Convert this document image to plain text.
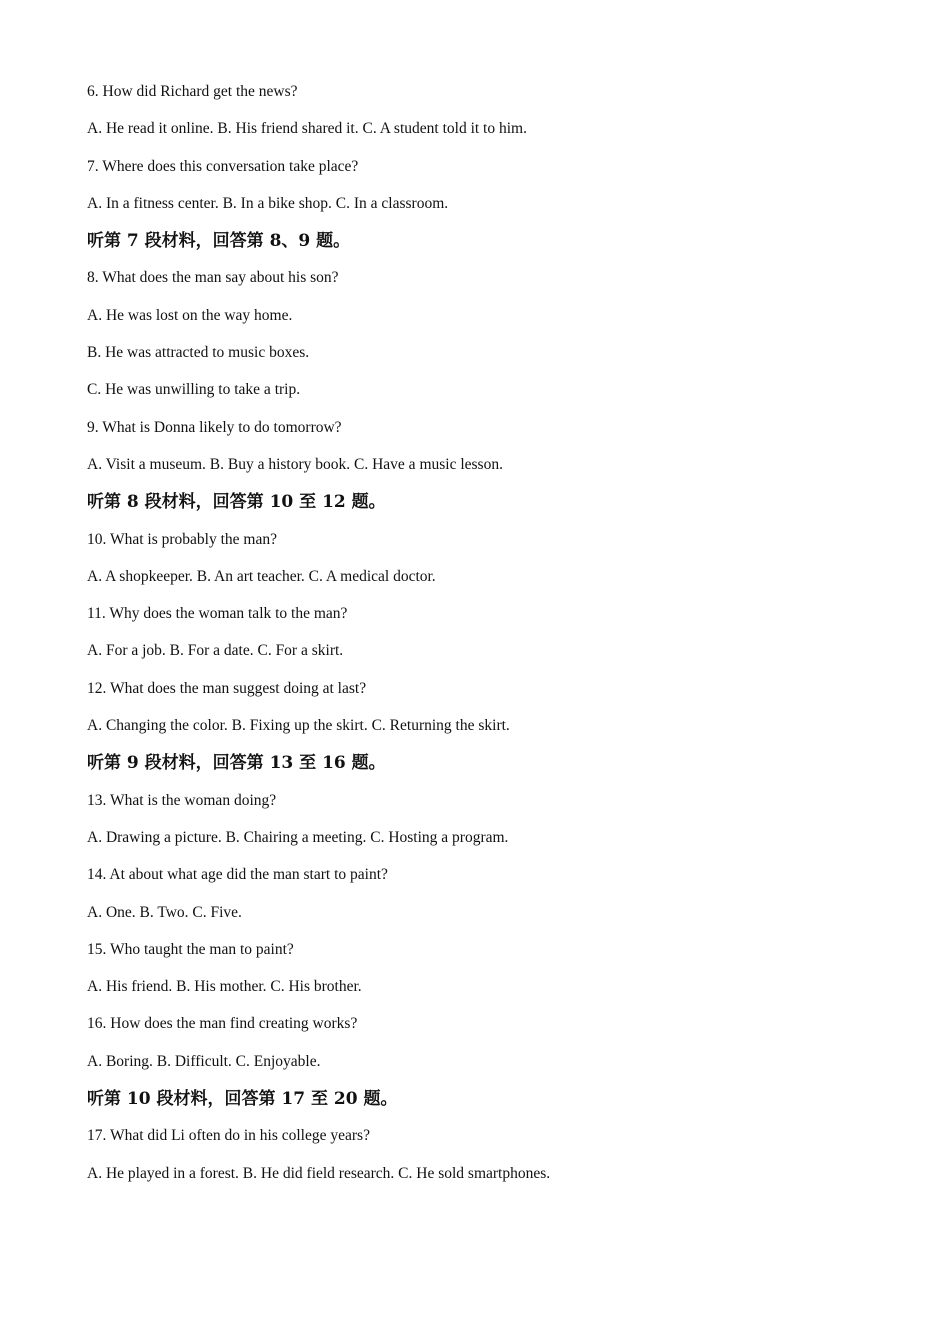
6. How did Richard get the news?
A. He read it online. B. His friend shared it. C. A student told it to him.
7. Where does this conversation take place?
A. In a fitness center. B. In a bike shop. C. In a classroom.
听第 7 段材料，回答第 8、9 题。
8. What does the man say about his son?
A. He was lost on the way home.
B. He was attracted to music boxes.
C. He was unwilling to take a trip.
9. What is Donna likely to do tomorrow?
A. Visit a museum. B. Buy a history book. C. Have a music lesson.
听第 8 段材料，回答第 10 至 12 题。
10. What is probably the man?
A. A shopkeeper. B. An art teacher. C. A medical doctor.
11. Why does the woman talk to the man?
A. For a job. B. For a date. C. For a skirt.
12. What does the man suggest doing at last?
A. Changing the color. B. Fixing up the skirt. C. Returning the skirt.
听第 9 段材料，回答第 13 至 16 题。
13. What is the woman doing?
A. Drawing a picture. B. Chairing a meeting. C. Hosting a program.
14. At about what age did the man start to paint?
A. One. B. Two. C. Five.
15. Who taught the man to paint?
A. His friend. B. His mother. C. His brother.
16. How does the man find creating works?
A. Boring. B. Difficult. C. Enjoyable.
听第 10 段材料，回答第 17 至 20 题。
17. What did Li often do in his college years?
A. He played in a forest. B. He did field research. C. He sold smartphones.
